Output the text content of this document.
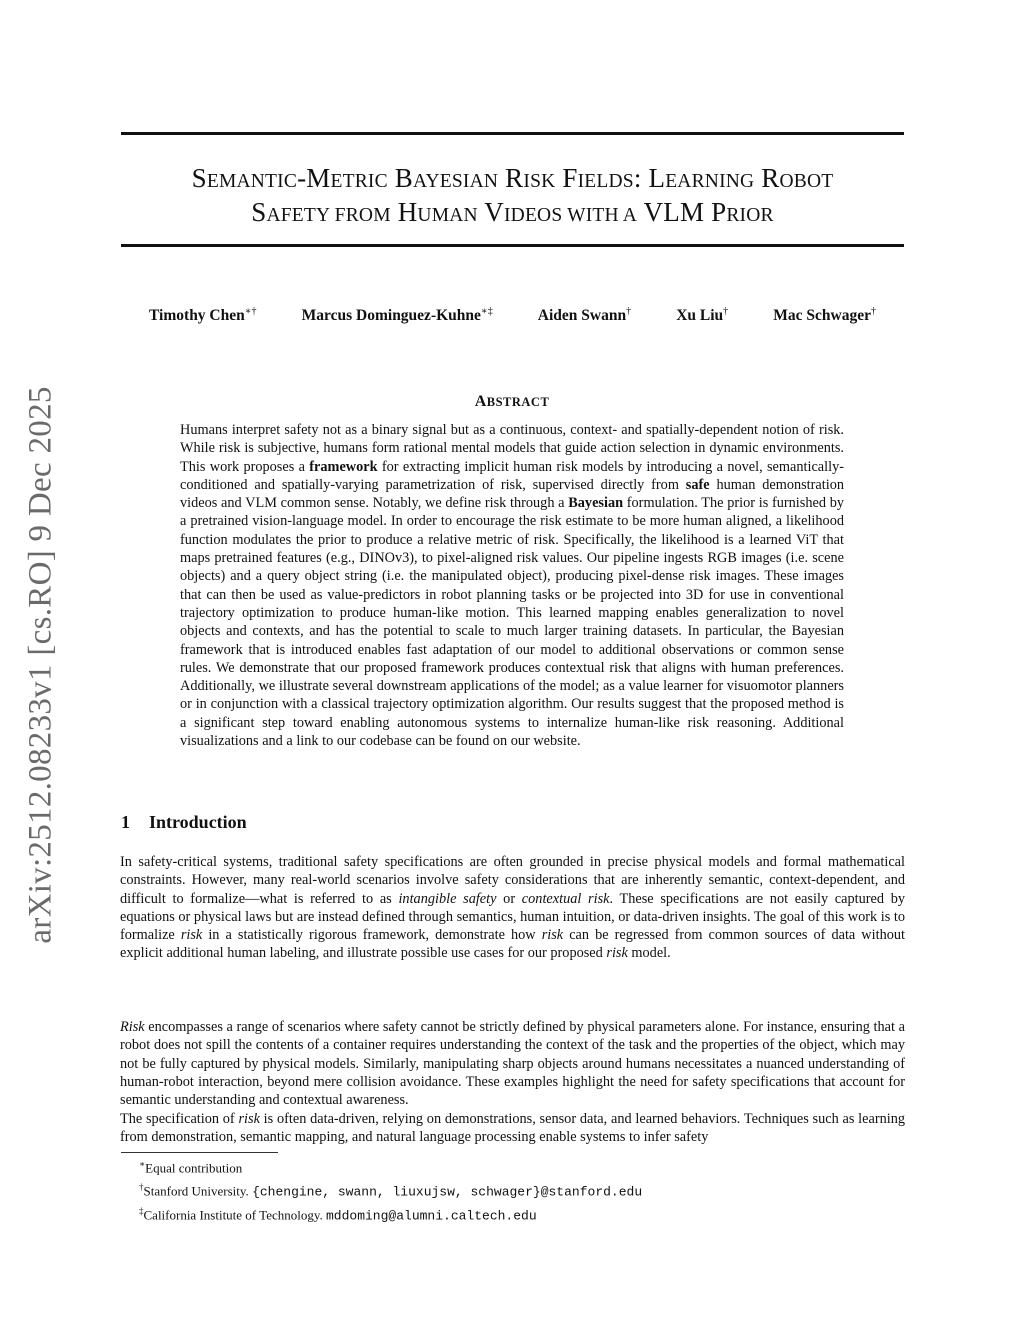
arXiv:2512.08233v1 [cs.RO] 9 Dec 2025
SEMANTIC-METRIC BAYESIAN RISK FIELDS: LEARNING ROBOT
SAFETY FROM HUMAN VIDEOS WITH A VLM PRIOR
Timothy Chen∗†	Marcus Dominguez-Kuhne∗‡	Aiden Swann†	Xu Liu†	Mac Schwager†
ABSTRACT
Humans interpret safety not as a binary signal but as a continuous, context- and spatially-dependent notion of risk. While risk is subjective, humans form rational mental models that guide action selection in dynamic environments. This work proposes a framework for extracting implicit human risk models by introducing a novel, semantically-conditioned and spatially-varying parametrization of risk, supervised directly from safe human demonstration videos and VLM common sense. Notably, we define risk through a Bayesian formulation. The prior is furnished by a pretrained vision-language model. In order to encourage the risk estimate to be more human aligned, a likelihood function modulates the prior to produce a relative metric of risk. Specifically, the likelihood is a learned ViT that maps pretrained features (e.g., DINOv3), to pixel-aligned risk values. Our pipeline ingests RGB images (i.e. scene objects) and a query object string (i.e. the manipulated object), producing pixel-dense risk images. These images that can then be used as value-predictors in robot planning tasks or be projected into 3D for use in conventional trajectory optimization to produce human-like motion. This learned mapping enables generalization to novel objects and contexts, and has the potential to scale to much larger training datasets. In particular, the Bayesian framework that is introduced enables fast adaptation of our model to additional observations or common sense rules. We demonstrate that our proposed framework produces contextual risk that aligns with human preferences. Additionally, we illustrate several downstream applications of the model; as a value learner for visuomotor planners or in conjunction with a classical trajectory optimization algorithm. Our results suggest that the proposed method is a significant step toward enabling autonomous systems to internalize human-like risk reasoning. Additional visualizations and a link to our codebase can be found on our website.
1 Introduction

In safety-critical systems, traditional safety specifications are often grounded in precise physical models and formal mathematical constraints. However, many real-world scenarios involve safety considerations that are inherently semantic, context-dependent, and difficult to formalize—what is referred to as intangible safety or contextual risk. These specifications are not easily captured by equations or physical laws but are instead defined through semantics, human intuition, or data-driven insights. The goal of this work is to formalize risk in a statistically rigorous framework, demonstrate how risk can be regressed from common sources of data without explicit additional human labeling, and illustrate possible use cases for our proposed risk model.

Risk encompasses a range of scenarios where safety cannot be strictly defined by physical parameters alone. For instance, ensuring that a robot does not spill the contents of a container requires understanding the context of the task and the properties of the object, which may not be fully captured by physical models. Similarly, manipulating sharp objects around humans necessitates a nuanced understanding of human-robot interaction, beyond mere collision avoidance. These examples highlight the need for safety specifications that account for semantic understanding and contextual awareness.

The specification of risk is often data-driven, relying on demonstrations, sensor data, and learned behaviors. Techniques such as learning from demonstration, semantic mapping, and natural language processing enable systems to infer safety

∗Equal contribution
†Stanford University. {chengine, swann, liuxujsw, schwager}@stanford.edu
‡California Institute of Technology. mddoming@alumni.caltech.edu
